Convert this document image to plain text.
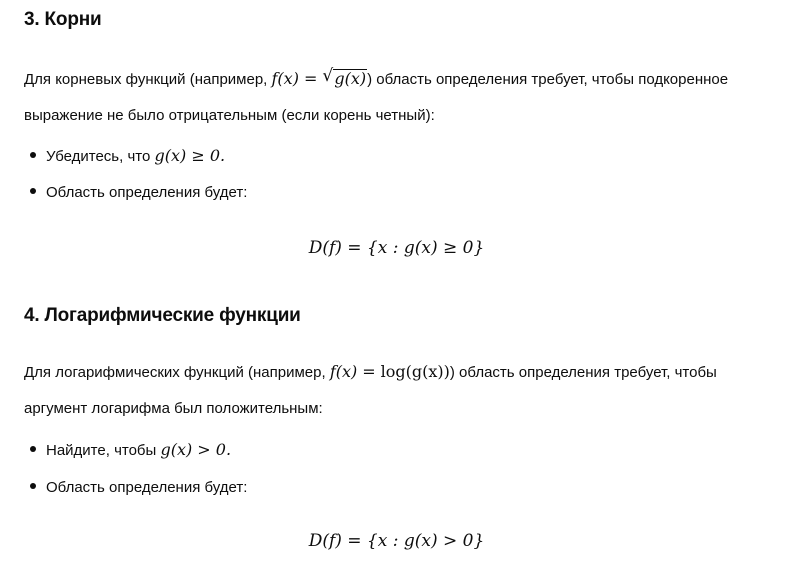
3. Корни
Для корневых функций (например, f(x) = √ g(x)) область определения требует, чтобы подкоренное
выражение не было отрицательным (если корень четный):
Убедитесь, что g(x) ≥ 0.
Область определения будет:
D(f) = {x : g(x) ≥ 0}
4. Логарифмические функции
Для логарифмических функций (например, f(x) = log(g(x))) область определения требует, чтобы
аргумент логарифма был положительным:
Найдите, чтобы g(x) > 0.
Область определения будет:
D(f) = {x : g(x) > 0}
